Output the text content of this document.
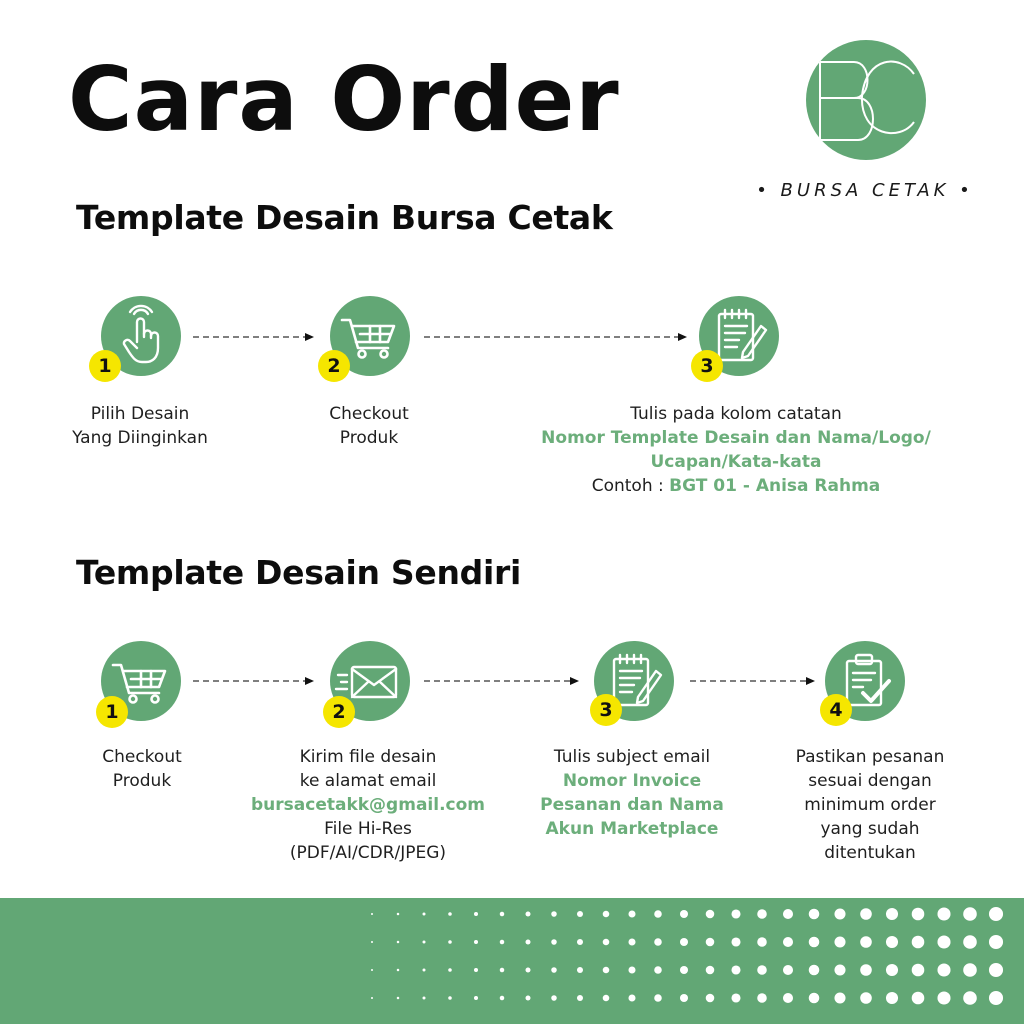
Cara Order
• BURSA CETAK •
Template Desain Bursa Cetak
1	2	3
Pilih Desain
Yang Diinginkan
Checkout
Produk
Tulis pada kolom catatan
Nomor Template Desain dan Nama/Logo/
Ucapan/Kata-kata
Contoh : BGT 01 - Anisa Rahma
Template Desain Sendiri
1	2	3	4
Checkout
Produk
Kirim file desain
ke alamat email
bursacetakk@gmail.com
File Hi-Res
(PDF/AI/CDR/JPEG)
Tulis subject email
Nomor Invoice
Pesanan dan Nama
Akun Marketplace
Pastikan pesanan
sesuai dengan
minimum order
yang sudah
ditentukan
